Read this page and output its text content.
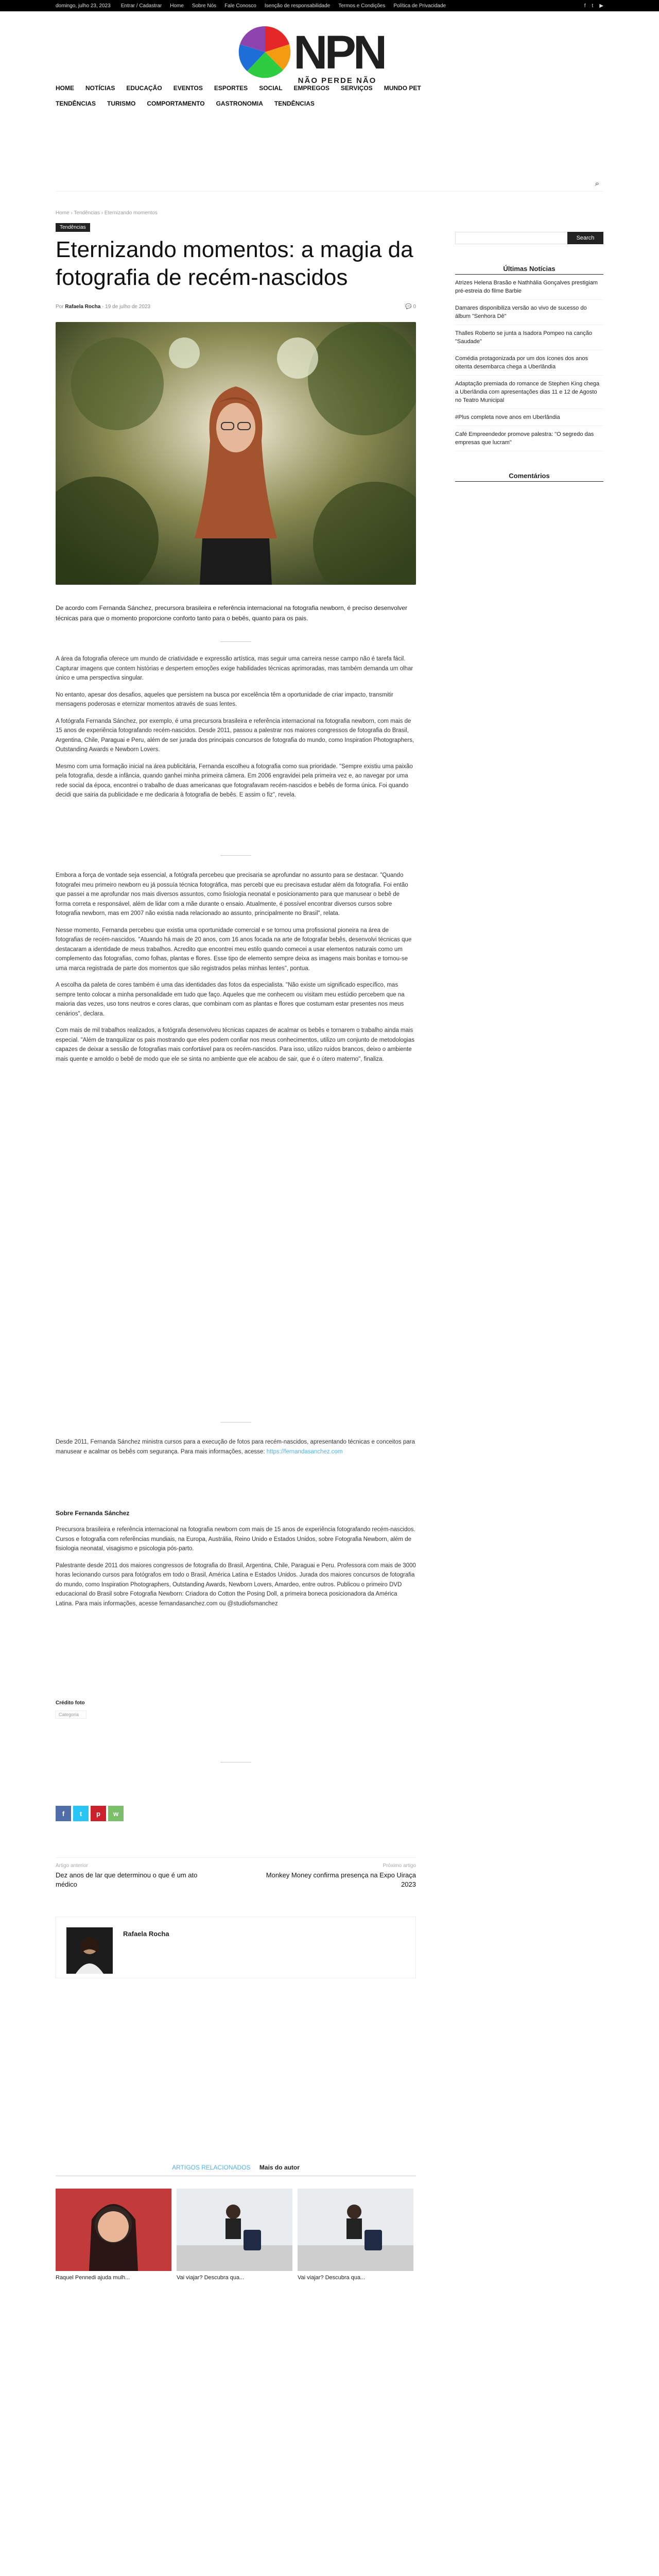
domingo, julho 23, 2023 Entrar / Cadastrar Home Sobre Nós Fale Conosco Isenção de responsabilidade Termos e Condições Política de Privacidade	f t ▶
NPN
NÃO PERDE NÃO
HOME NOTÍCIAS EDUCAÇÃO EVENTOS ESPORTES SOCIAL EMPREGOS SERVIÇOS MUNDO PET
TENDÊNCIAS TURISMO COMPORTAMENTO GASTRONOMIA TENDÊNCIAS
⌕
Home › Tendências › Eternizando momentos
Tendências
Eternizando momentos: a magia da fotografia de recém-nascidos
Por Rafaela Rocha - 19 de julho de 2023	💬 0

De acordo com Fernanda Sánchez, precursora brasileira e referência internacional na fotografia newborn, é preciso desenvolver técnicas para que o momento proporcione conforto tanto para o bebês, quanto para os pais.

A área da fotografia oferece um mundo de criatividade e expressão artística, mas seguir uma carreira nesse campo não é tarefa fácil. Capturar imagens que contem histórias e despertem emoções exige habilidades técnicas aprimoradas, mas também demanda um olhar único e uma perspectiva singular.

No entanto, apesar dos desafios, aqueles que persistem na busca por excelência têm a oportunidade de criar impacto, transmitir mensagens poderosas e eternizar momentos através de suas lentes.

A fotógrafa Fernanda Sánchez, por exemplo, é uma precursora brasileira e referência internacional na fotografia newborn, com mais de 15 anos de experiência fotografando recém-nascidos. Desde 2011, passou a palestrar nos maiores congressos de fotografia do Brasil, Argentina, Chile, Paraguai e Peru, além de ser jurada dos principais concursos de fotografia do mundo, como Inspiration Photographers, Outstanding Awards e Newborn Lovers.

Mesmo com uma formação inicial na área publicitária, Fernanda escolheu a fotografia como sua prioridade. "Sempre existiu uma paixão pela fotografia, desde a infância, quando ganhei minha primeira câmera. Em 2006 engravidei pela primeira vez e, ao navegar por uma rede social da época, encontrei o trabalho de duas americanas que fotografavam recém-nascidos e bebês de forma única. Foi quando decidi que sairia da publicidade e me dedicaria à fotografia de bebês. E assim o fiz", revela.

Embora a força de vontade seja essencial, a fotógrafa percebeu que precisaria se aprofundar no assunto para se destacar. "Quando fotografei meu primeiro newborn eu já possuía técnica fotográfica, mas percebi que eu precisava estudar além da fotografia. Foi então que passei a me aprofundar nos mais diversos assuntos, como fisiologia neonatal e posicionamento para que manusear o bebê de forma correta e responsável, além de lidar com a mãe durante o ensaio. Atualmente, é possível encontrar diversos cursos sobre fotografia newborn, mas em 2007 não existia nada relacionado ao assunto, principalmente no Brasil", relata.

Nesse momento, Fernanda percebeu que existia uma oportunidade comercial e se tornou uma profissional pioneira na área de fotografias de recém-nascidos. "Atuando há mais de 20 anos, com 16 anos focada na arte de fotografar bebês, desenvolvi técnicas que destacaram a identidade de meus trabalhos. Acredito que encontrei meu estilo quando comecei a usar elementos naturais como um complemento das fotografias, como folhas, plantas e flores. Esse tipo de elemento sempre deixa as imagens mais bonitas e tornou-se uma marca registrada de parte dos momentos que são registrados pelas minhas lentes", pontua.

A escolha da paleta de cores também é uma das identidades das fotos da especialista. "Não existe um significado específico, mas sempre tento colocar a minha personalidade em tudo que faço. Aqueles que me conhecem ou visitam meu estúdio percebem que na maioria das vezes, uso tons neutros e cores claras, que combinam com as plantas e flores que costumam estar presentes nos meus cenários", declara.

Com mais de mil trabalhos realizados, a fotógrafa desenvolveu técnicas capazes de acalmar os bebês e tornarem o trabalho ainda mais especial. "Além de tranquilizar os pais mostrando que eles podem confiar nos meus conhecimentos, utilizo um conjunto de metodologias capazes de deixar a sessão de fotografias mais confortável para os recém-nascidos. Para isso, utilizo ruídos brancos, deixo o ambiente mais quente e amoldo o bebê de modo que ele se sinta no ambiente que ele acabou de sair, que é o útero materno", finaliza.

Desde 2011, Fernanda Sánchez ministra cursos para a execução de fotos para recém-nascidos, apresentando técnicas e conceitos para manusear e acalmar os bebês com segurança. Para mais informações, acesse: https://fernandasanchez.com
Sobre Fernanda Sánchez

Precursora brasileira e referência internacional na fotografia newborn com mais de 15 anos de experiência fotografando recém-nascidos. Cursos e fotografia com referências mundiais, na Europa, Austrália, Reino Unido e Estados Unidos, sobre Fotografia Newborn, além de fisiologia neonatal, visagismo e psicologia pós-parto.

Palestrante desde 2011 dos maiores congressos de fotografia do Brasil, Argentina, Chile, Paraguai e Peru. Professora com mais de 3000 horas lecionando cursos para fotógrafos em todo o Brasil, América Latina e Estados Unidos. Jurada dos maiores concursos de fotografia do mundo, como Inspiration Photographers, Outstanding Awards, Newborn Lovers, Amardeo, entre outros. Publicou o primeiro DVD educacional do Brasil sobre Fotografia Newborn: Criadora do Cotton the Posing Doll, a primeira boneca posicionadora da América Latina. Para mais informações, acesse fernandasanchez.com ou @studiofsmanchez

Crédito foto
Categoria
f	t	p	w
Artigo anterior
Dez anos de lar que determinou o que é um ato médico
Próximo artigo
Monkey Money confirma presença na Expo Uiraça 2023
Rafaela Rocha
ARTIGOS RELACIONADOS Mais do autor
Raquel Pennedi ajuda mulh...	Vai viajar? Descubra qua...	Vai viajar? Descubra qua...
Search
Últimas Notícias
Atrizes Helena Brasão e Nathhália Gonçalves prestigiam pré-estreia do filme Barbie
Damares disponibiliza versão ao vivo de sucesso do álbum "Senhora Dê"
Thalles Roberto se junta a Isadora Pompeo na canção "Saudade"
Comédia protagonizada por um dos ícones dos anos oitenta desembarca chega a Uberlândia
Adaptação premiada do romance de Stephen King chega a Uberlândia com apresentações dias 11 e 12 de Agosto no Teatro Municipal
#Plus completa nove anos em Uberlândia
Café Empreendedor promove palestra: "O segredo das empresas que lucram"
Comentários
